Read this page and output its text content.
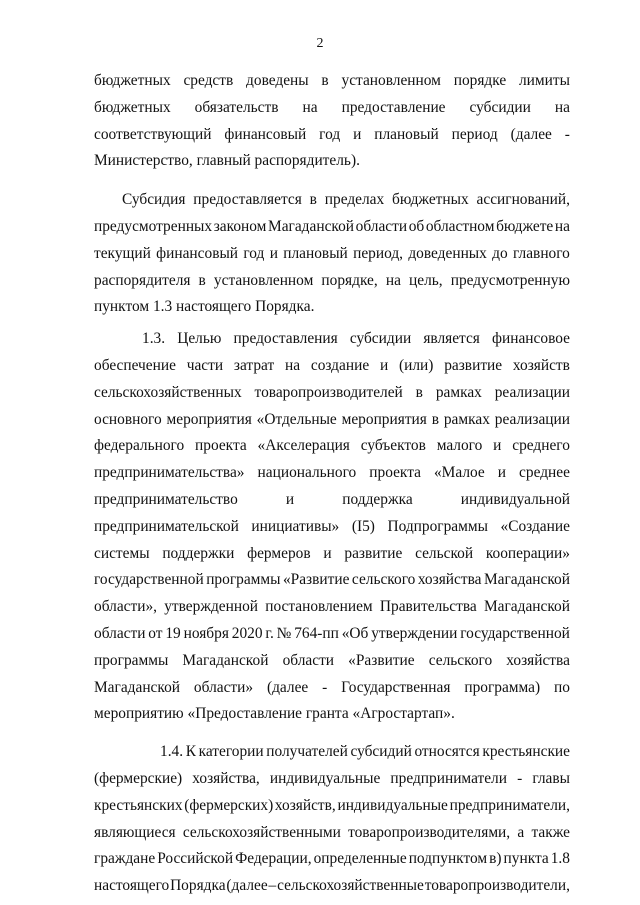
2
бюджетных средств доведены в установленном порядке лимиты
бюджетных обязательств на предоставление субсидии на
соответствующий финансовый год и плановый период (далее -
Министерство, главный распорядитель).
Субсидия предоставляется в пределах бюджетных ассигнований,
предусмотренных законом Магаданской области об областном бюджете на
текущий финансовый год и плановый период, доведенных до главного
распорядителя в установленном порядке, на цель, предусмотренную
пунктом 1.3 настоящего Порядка.
1.3. Целью предоставления субсидии является финансовое
обеспечение части затрат на создание и (или) развитие хозяйств
сельскохозяйственных товаропроизводителей в рамках реализации
основного мероприятия «Отдельные мероприятия в рамках реализации
федерального проекта «Акселерация субъектов малого и среднего
предпринимательства» национального проекта «Малое и среднее
предпринимательство	и	поддержка	индивидуальной
предпринимательской инициативы» (I5) Подпрограммы «Создание
системы поддержки фермеров и развитие сельской кооперации»
государственной программы «Развитие сельского хозяйства Магаданской
области», утвержденной постановлением Правительства Магаданской
области от 19 ноября 2020 г. № 764-пп «Об утверждении государственной
программы Магаданской области «Развитие сельского хозяйства
Магаданской области» (далее - Государственная программа) по
мероприятию «Предоставление гранта «Агростартап».
1.4. К категории получателей субсидий относятся крестьянские
(фермерские) хозяйства, индивидуальные предприниматели - главы
крестьянских (фермерских) хозяйств, индивидуальные предприниматели,
являющиеся сельскохозяйственными товаропроизводителями, а также
граждане Российской Федерации, определенные подпунктом в) пункта 1.8
настоящего Порядка (далее – сельскохозяйственные товаропроизводители,
